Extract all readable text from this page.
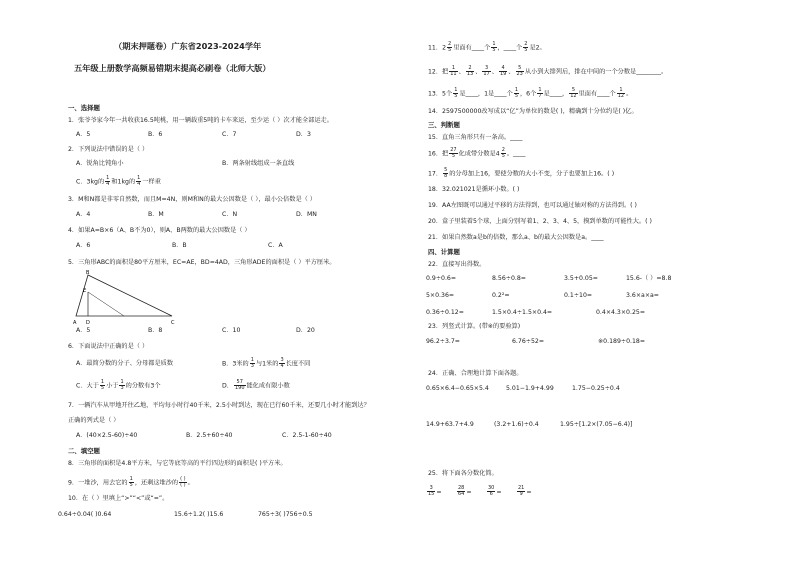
（期末押题卷）广东省2023-2024学年
五年级上册数学高频易错期末提高必刷卷（北师大版）
一、选择题
1．张爷爷家今年一共收获16.5吨桃，用一辆载重5吨的卡车来运，至少运（ ）次才能全部运走。
A．5	B．6	C．7	D．3
2．下列说法中错误的是（ ）
A．锐角比钝角小	B．两条射线组成一条直线
C．3kg的 $\frac{1}{4}$ 和1kg的 $\frac{1}{4}$ 一样重
3．M和N都是非零自然数，而且M=4N，则M和N的最大公因数是（ ），最小公倍数是（ ）
A．4	B．M	C．N	D．MN
4．如果A=B×6（A、B不为0），则A、B两数的最大公因数是（ ）
A．6	B．B	C．A
5．三角形ABC的面积是80平方厘米，EC=AE，BD=4AD，三角形ADE的面积是（ ）平方厘米。
A	C
B
E
D
A．5	B．8	C．10	D．20
6．下面说法中正确的是（ ）
A．最简分数的分子、分母都是质数	B．3米的 $\frac{1}{3}$ 与1米的 $\frac{3}{4}$ 长度不同
C．大于 $\frac{1}{5}$ 小于 $\frac{1}{3}$ 的分数有3个	D． $\frac{57}{190}$ 能化成有限小数
7．一辆汽车从甲地开往乙地，平均每小时行40千米，2.5小时到达，现在已行60千米，还要几小时才能到达？
正确的列式是（ ）
A．(40×2.5-60)÷40	B．2.5+60÷40	C．2.5-1-60÷40
二、填空题
8．三角形的面积是4.8平方米，与它等底等高的平行四边形的面积是( )平方米。
9．一堆沙，用去它的 $\frac{1}{5}$ ，还剩这堆沙的
( )
( ) 。
10．在（ ）里填上“>”“<”或“=”。
0.64÷0.04( )0.64	15.6÷1.2( )15.6	765÷3( )756÷0.5
11．$2 \frac{2}{5}$ 里面有____个 $\frac{1}{5}$ ，____个 $\frac{2}{5}$ 是2。
12．把 $\frac{1}{11}$ 、 $\frac{2}{13}$ 、 $\frac{3}{17}$ 、 $\frac{4}{19}$ 、 $\frac{5}{23}$ 从小到大排列后，排在中间的一个分数是________。
13．5个 $\frac{1}{5}$ 是____，1是____个 $\frac{1}{5}$ ，6个 $\frac{1}{7}$ 是____， $\frac{5}{12}$ 里面有____个 $\frac{1}{12}$ 。
14．2597500000改写成以“亿”为单位的数是( )，精确到十分位约是( )亿。
三、判断题
15．直角三角形只有一条高。____
16．把 $\frac{27}{5}$ 化成带分数是$4 \frac{2}{5}$ 。____
17． $\frac{5}{8}$ 的分母加上16，要使分数的大小不变，分子也要加上16。( )
18．32.021021是循环小数。( )
19．AA左图既可以通过平移的方法得到，也可以通过轴对称的方法得到。( )
20．盒子里装着5个球，上面分别写着1、2、3、4、5，摸到单数的可能性大。( )
21．如果自然数a是b的倍数，那么a、b的最大公因数是a。____
四、计算题
22．直接写出得数。
0.9÷0.6=	8.56÷0.8=	3.5+0.05=	15.6-（ ）=8.8
5×0.36=	0.2²=	0.1÷10=	3.6×a×a=
0.36÷0.12=	1.5×0.4÷1.5×0.4=	0.4×4.3×0.25=
23．列竖式计算。(带※的要验算)
96.2÷3.7=	6.76÷52=	※0.189÷0.18=
24．正确、合理地计算下面各题。
0.65×6.4−0.65×5.4	5.01−1.9+4.99	1.75−0.25÷0.4
14.9+63.7+4.9	(3.2+1.6)÷0.4	1.95÷[1.2×(7.05−6.4)]
25．将下面各分数化简。
$\frac{3}{15}$ =	$\frac{28}{64}$ =	$\frac{30}{6}$ =	$\frac{21}{9}$ =
